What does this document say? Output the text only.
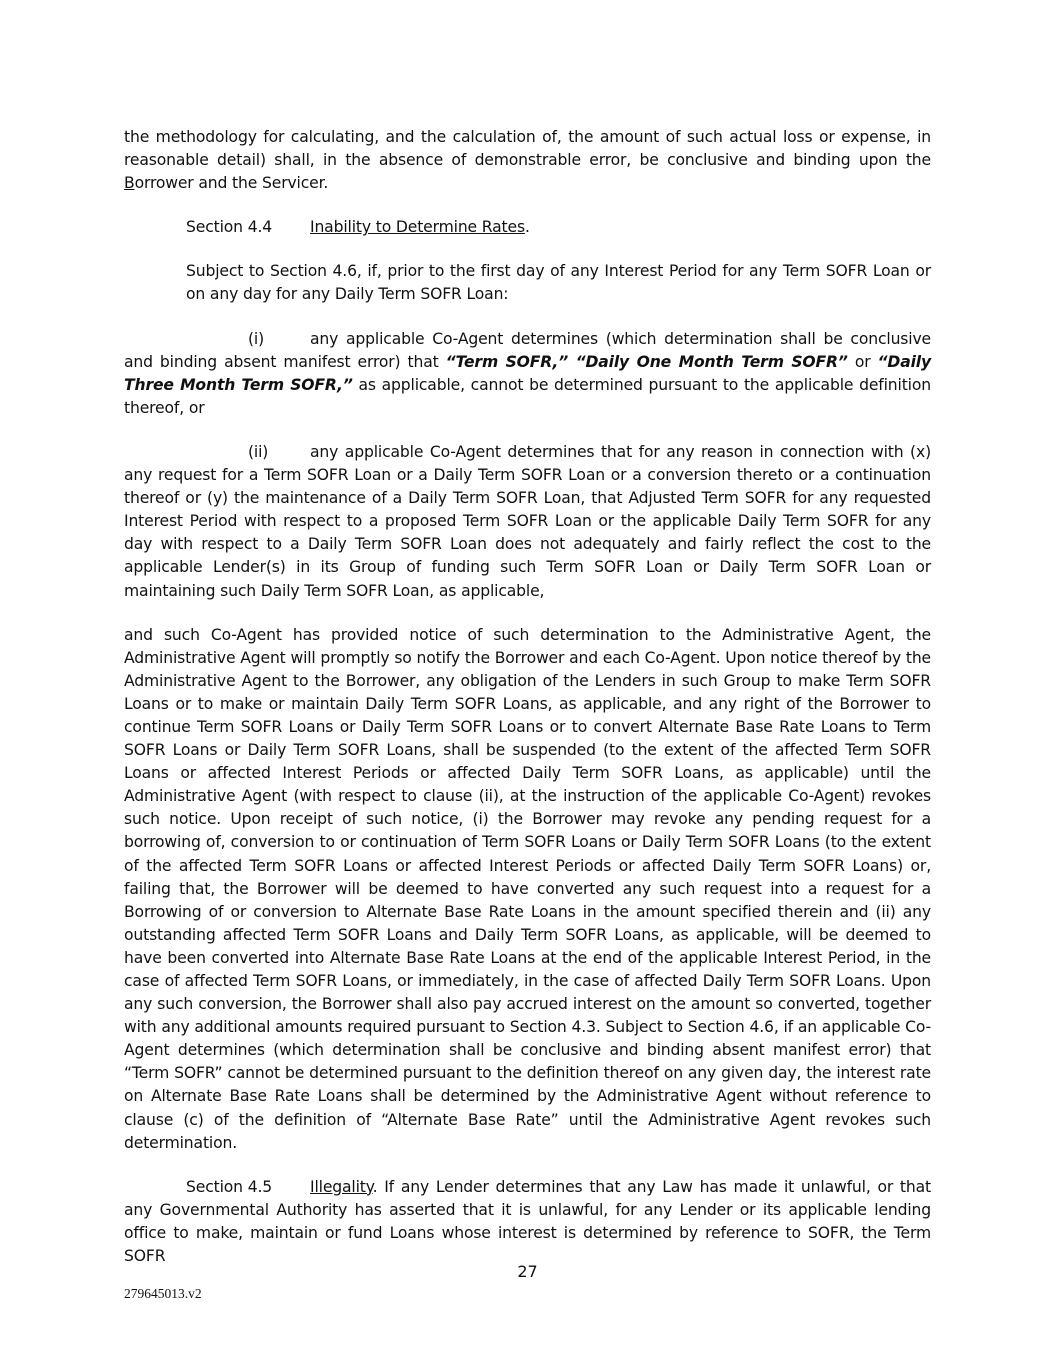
the methodology for calculating, and the calculation of, the amount of such actual loss or expense, in reasonable detail) shall, in the absence of demonstrable error, be conclusive and binding upon the Borrower and the Servicer.

Section 4.4 Inability to Determine Rates.

Subject to Section 4.6, if, prior to the first day of any Interest Period for any Term SOFR Loan or on any day for any Daily Term SOFR Loan:

(i)	any applicable Co-Agent determines (which determination shall be conclusive and binding absent manifest error) that “Term SOFR,” “Daily One Month Term SOFR” or “Daily Three Month Term SOFR,” as applicable, cannot be determined pursuant to the applicable definition thereof, or

(ii)	any applicable Co-Agent determines that for any reason in connection with (x) any request for a Term SOFR Loan or a Daily Term SOFR Loan or a conversion thereto or a continuation thereof or (y) the maintenance of a Daily Term SOFR Loan, that Adjusted Term SOFR for any requested Interest Period with respect to a proposed Term SOFR Loan or the applicable Daily Term SOFR for any day with respect to a Daily Term SOFR Loan does not adequately and fairly reflect the cost to the applicable Lender(s) in its Group of funding such Term SOFR Loan or Daily Term SOFR Loan or maintaining such Daily Term SOFR Loan, as applicable,

and such Co-Agent has provided notice of such determination to the Administrative Agent, the Administrative Agent will promptly so notify the Borrower and each Co-Agent. Upon notice thereof by the Administrative Agent to the Borrower, any obligation of the Lenders in such Group to make Term SOFR Loans or to make or maintain Daily Term SOFR Loans, as applicable, and any right of the Borrower to continue Term SOFR Loans or Daily Term SOFR Loans or to convert Alternate Base Rate Loans to Term SOFR Loans or Daily Term SOFR Loans, shall be suspended (to the extent of the affected Term SOFR Loans or affected Interest Periods or affected Daily Term SOFR Loans, as applicable) until the Administrative Agent (with respect to clause (ii), at the instruction of the applicable Co-Agent) revokes such notice. Upon receipt of such notice, (i) the Borrower may revoke any pending request for a borrowing of, conversion to or continuation of Term SOFR Loans or Daily Term SOFR Loans (to the extent of the affected Term SOFR Loans or affected Interest Periods or affected Daily Term SOFR Loans) or, failing that, the Borrower will be deemed to have converted any such request into a request for a Borrowing of or conversion to Alternate Base Rate Loans in the amount specified therein and (ii) any outstanding affected Term SOFR Loans and Daily Term SOFR Loans, as applicable, will be deemed to have been converted into Alternate Base Rate Loans at the end of the applicable Interest Period, in the case of affected Term SOFR Loans, or immediately, in the case of affected Daily Term SOFR Loans. Upon any such conversion, the Borrower shall also pay accrued interest on the amount so converted, together with any additional amounts required pursuant to Section 4.3. Subject to Section 4.6, if an applicable Co-Agent determines (which determination shall be conclusive and binding absent manifest error) that “Term SOFR” cannot be determined pursuant to the definition thereof on any given day, the interest rate on Alternate Base Rate Loans shall be determined by the Administrative Agent without reference to clause (c) of the definition of “Alternate Base Rate” until the Administrative Agent revokes such determination.

Section 4.5 Illegality. If any Lender determines that any Law has made it unlawful, or that any Governmental Authority has asserted that it is unlawful, for any Lender or its applicable lending office to make, maintain or fund Loans whose interest is determined by reference to SOFR, the Term SOFR

27
279645013.v2
